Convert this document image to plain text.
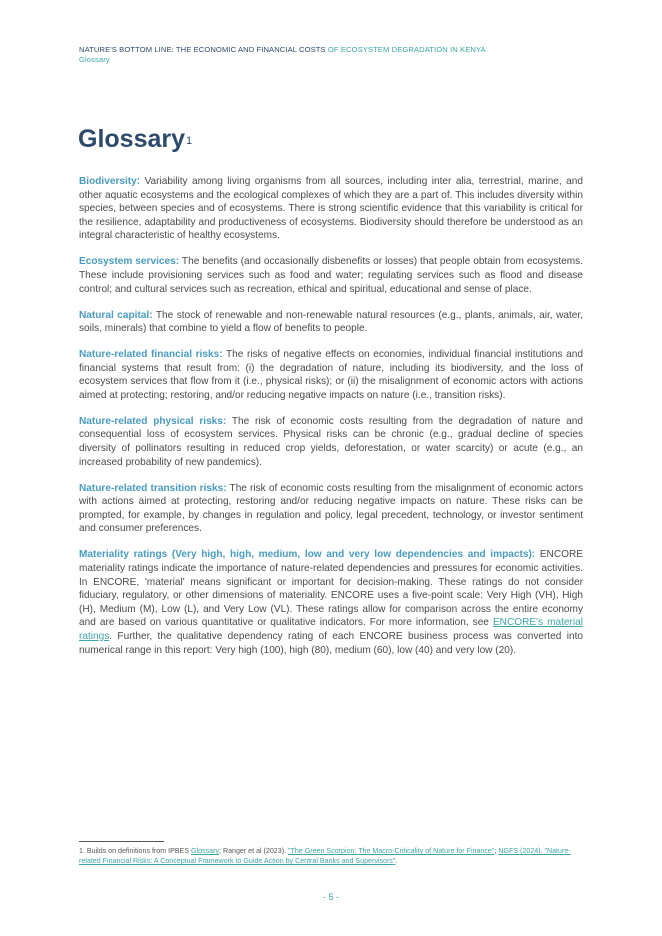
NATURE'S BOTTOM LINE: THE ECONOMIC AND FINANCIAL COSTS OF ECOSYSTEM DEGRADATION IN KENYA
Glossary
Glossary$^1$

Biodiversity: Variability among living organisms from all sources, including inter alia, terrestrial, marine, and other aquatic ecosystems and the ecological complexes of which they are a part of. This includes diversity within species, between species and of ecosystems. There is strong scientific evidence that this variability is critical for the resilience, adaptability and productiveness of ecosystems. Biodiversity should therefore be understood as an integral characteristic of healthy ecosystems.

Ecosystem services: The benefits (and occasionally disbenefits or losses) that people obtain from ecosystems. These include provisioning services such as food and water; regulating services such as flood and disease control; and cultural services such as recreation, ethical and spiritual, educational and sense of place.

Natural capital: The stock of renewable and non-renewable natural resources (e.g., plants, animals, air, water, soils, minerals) that combine to yield a flow of benefits to people.

Nature-related financial risks: The risks of negative effects on economies, individual financial institutions and financial systems that result from: (i) the degradation of nature, including its biodiversity, and the loss of ecosystem services that flow from it (i.e., physical risks); or (ii) the misalignment of economic actors with actions aimed at protecting; restoring, and/or reducing negative impacts on nature (i.e., transition risks).

Nature-related physical risks: The risk of economic costs resulting from the degradation of nature and consequential loss of ecosystem services. Physical risks can be chronic (e.g., gradual decline of species diversity of pollinators resulting in reduced crop yields, deforestation, or water scarcity) or acute (e.g., an increased probability of new pandemics).

Nature-related transition risks: The risk of economic costs resulting from the misalignment of economic actors with actions aimed at protecting, restoring and/or reducing negative impacts on nature. These risks can be prompted, for example, by changes in regulation and policy, legal precedent, technology, or investor sentiment and consumer preferences.

Materiality ratings (Very high, high, medium, low and very low dependencies and impacts): ENCORE materiality ratings indicate the importance of nature-related dependencies and pressures for economic activities. In ENCORE, 'material' means significant or important for decision-making. These ratings do not consider fiduciary, regulatory, or other dimensions of materiality. ENCORE uses a five-point scale: Very High (VH), High (H), Medium (M), Low (L), and Very Low (VL). These ratings allow for comparison across the entire economy and are based on various quantitative or qualitative indicators. For more information, see ENCORE's material ratings. Further, the qualitative dependency rating of each ENCORE business process was converted into numerical range in this report: Very high (100), high (80), medium (60), low (40) and very low (20).

1. Builds on definitions from IPBES Glossary; Ranger et al (2023). "The Green Scorpion: The Macro-Criticality of Nature for Finance"; NGFS (2024). "Nature-related Financial Risks: A Conceptual Framework to Guide Action by Central Banks and Supervisors".
- 5 -
